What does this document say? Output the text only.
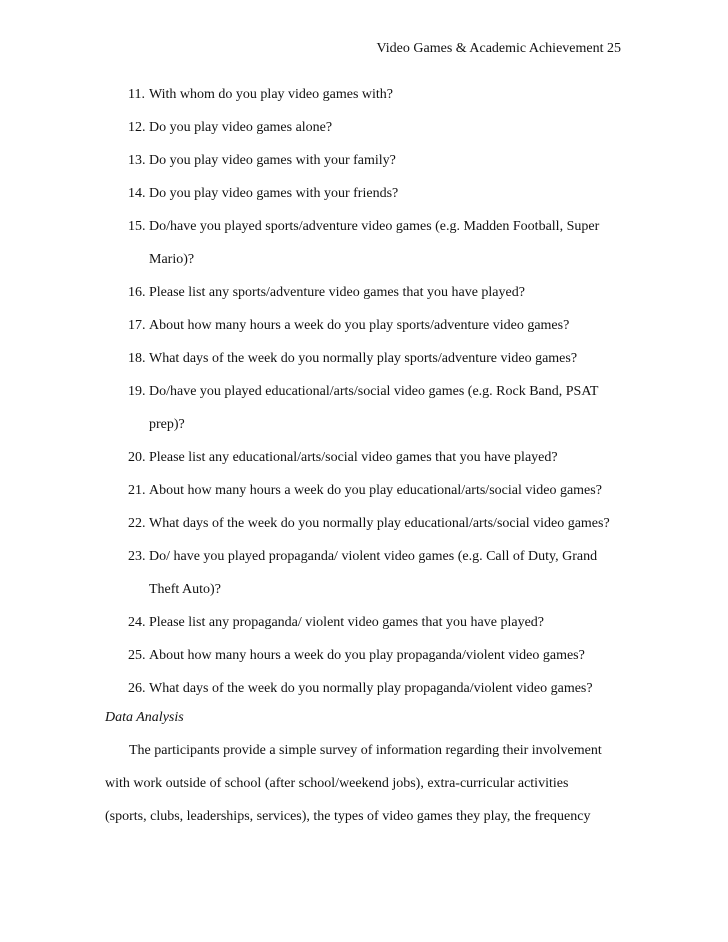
Video Games & Academic Achievement 25
11. With whom do you play video games with?
12. Do you play video games alone?
13. Do you play video games with your family?
14. Do you play video games with your friends?
15. Do/have you played sports/adventure video games (e.g. Madden Football, Super
Mario)?
16. Please list any sports/adventure video games that you have played?
17. About how many hours a week do you play sports/adventure video games?
18. What days of the week do you normally play sports/adventure video games?
19. Do/have you played educational/arts/social video games (e.g. Rock Band, PSAT
prep)?
20. Please list any educational/arts/social video games that you have played?
21. About how many hours a week do you play educational/arts/social video games?
22. What days of the week do you normally play educational/arts/social video games?
23. Do/ have you played propaganda/ violent video games (e.g. Call of Duty, Grand
Theft Auto)?
24. Please list any propaganda/ violent video games that you have played?
25. About how many hours a week do you play propaganda/violent video games?
26. What days of the week do you normally play propaganda/violent video games?
Data Analysis
The participants provide a simple survey of information regarding their involvement
with work outside of school (after school/weekend jobs), extra-curricular activities
(sports, clubs, leaderships, services), the types of video games they play, the frequency
